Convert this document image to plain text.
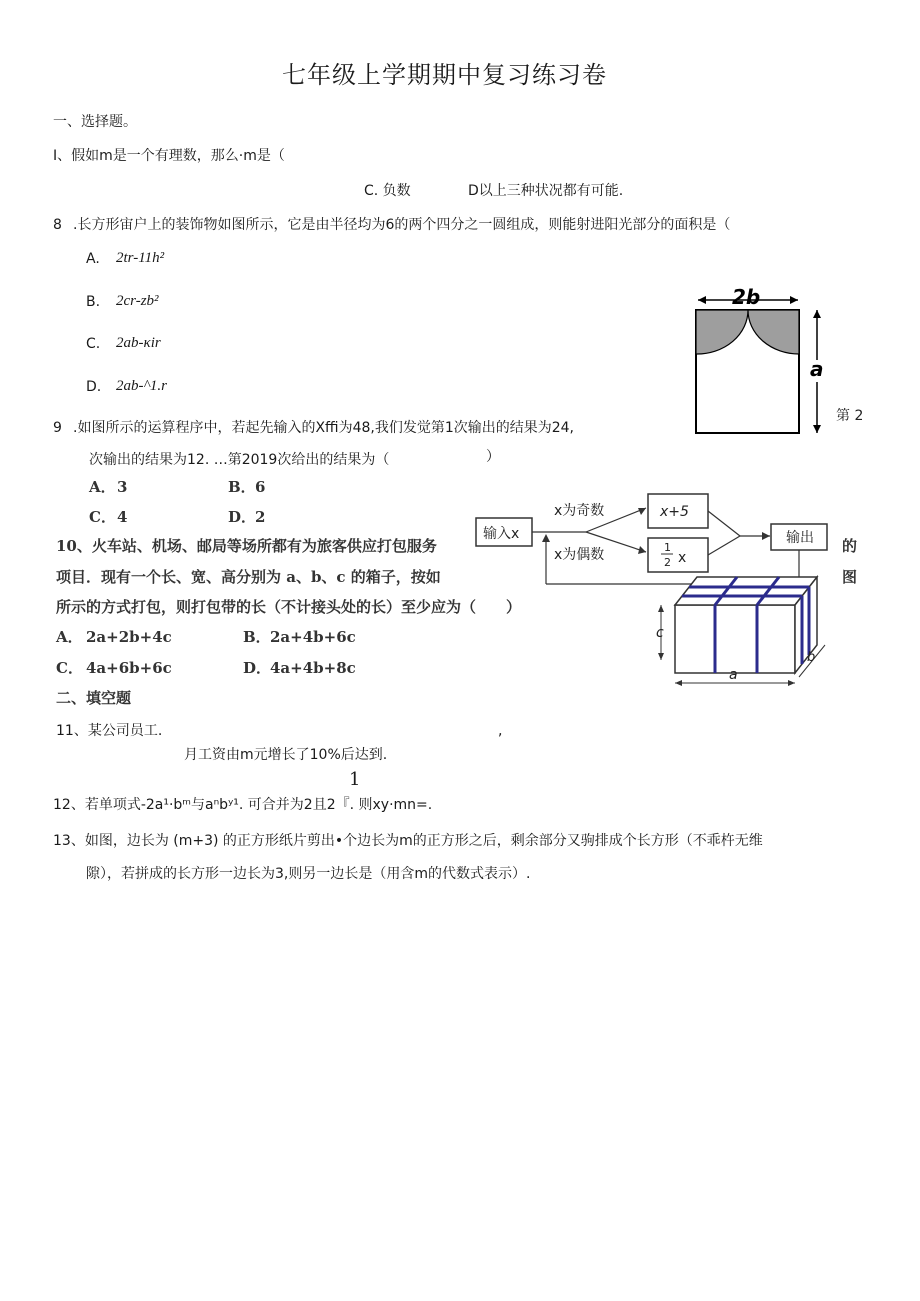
七年级上学期期中复习练习卷
一、选择题。
I、假如m是一个有理数，那么·m是（
C. 负数	D以上三种状况都有可能.
8 .长方形宙户上的装饰物如图所示，它是由半径均为6的两个四分之一圆组成，则能射进阳光部分的面积是（
A. 2tr-11h²
B. 2cr-zb²
C. 2ab-κir
D. 2ab-^1.r
2b
a
第 2
9 .如图所示的运算程序中，若起先输入的Xffi为48,我们发觉第1次输出的结果为24,
次输出的结果为12. …第2019次给出的结果为（	）
A． 3	B． 6
C． 4	D．
2
输入x
x为奇数
x为偶数
x+5
1
2 x
输出
10、火车站、机场、邮局等场所都有为旅客供应打包服务	的
项目．现有一个长、宽、高分别为 a、b、c 的箱子，按如	图
所示的方式打包，则打包带的长（不计接头处的长）至少应为（　　）
A． 2a+2b+4c	B． 2a+4b+6c
C． 4a+6b+6c	D．
4a+4b+8c
c
a
b
二、填空题
11、某公司员工.	,
月工资由m元增长了10%后达到.
1
12、若单项式-2a¹·bᵐ与aⁿbʸ¹. 可合并为2且2『. 则xy·mn=.
13、如图，边长为 (m+3) 的正方形纸片剪出•个边长为m的正方形之后，剩余部分又驹排成个长方形（不乖杵无维
隙），若拼成的长方形一边长为3,则另一边长是（用含m的代数式表示）.
